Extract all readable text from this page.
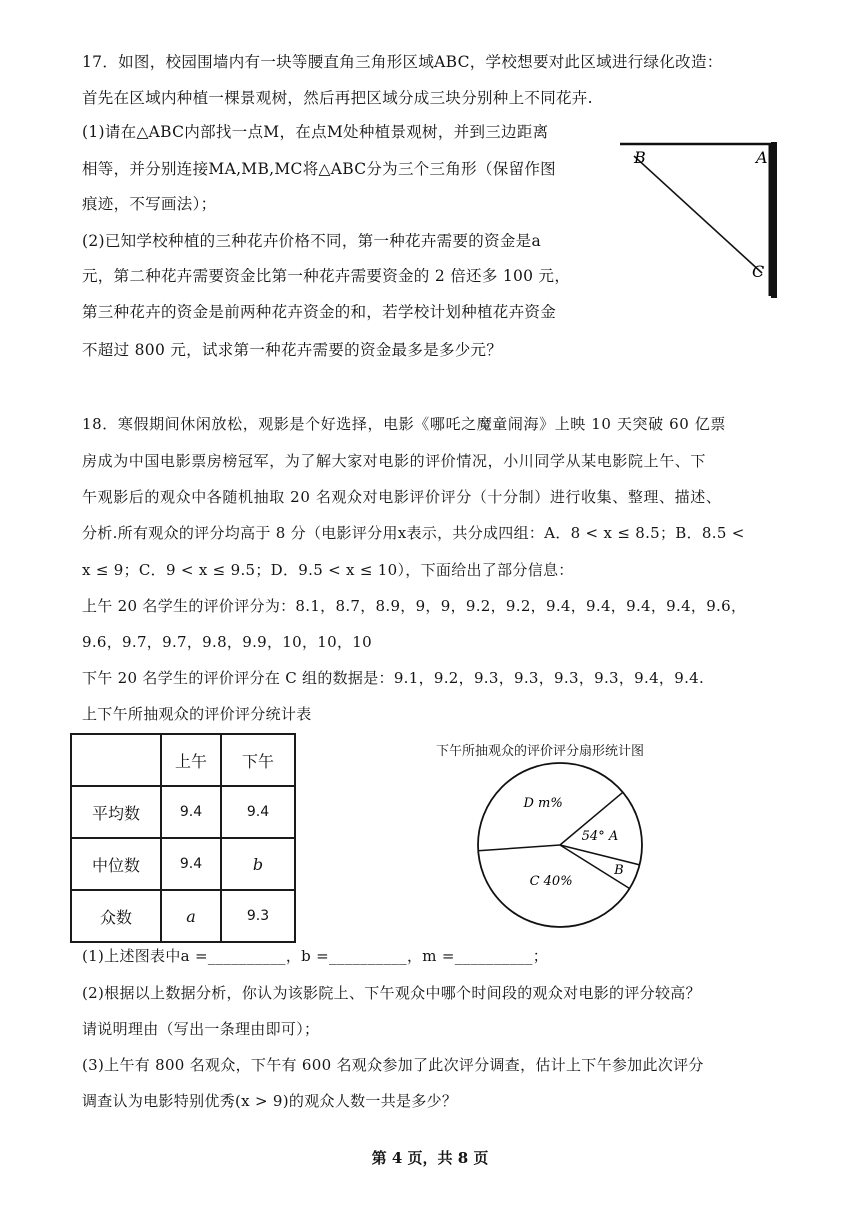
17．如图，校园围墙内有一块等腰直角三角形区域ABC，学校想要对此区域进行绿化改造：
首先在区域内种植一棵景观树，然后再把区域分成三块分别种上不同花卉.
(1)请在△ABC内部找一点M，在点M处种植景观树，并到三边距离
相等，并分别连接MA,MB,MC将△ABC分为三个三角形（保留作图
痕迹，不写画法）；
(2)已知学校种植的三种花卉价格不同，第一种花卉需要的资金是a
元，第二种花卉需要资金比第一种花卉需要资金的 2 倍还多 100 元，
第三种花卉的资金是前两种花卉资金的和，若学校计划种植花卉资金
不超过 800 元，试求第一种花卉需要的资金最多是多少元？
B	A
C
18．寒假期间休闲放松，观影是个好选择，电影《哪吒之魔童闹海》上映 10 天突破 60 亿票
房成为中国电影票房榜冠军，为了解大家对电影的评价情况，小川同学从某电影院上午、下
午观影后的观众中各随机抽取 20 名观众对电影评价评分（十分制）进行收集、整理、描述、
分析.所有观众的评分均高于 8 分（电影评分用x表示，共分成四组：A．8 < x ≤ 8.5；B．8.5 <
x ≤ 9；C．9 < x ≤ 9.5；D．9.5 < x ≤ 10），下面给出了部分信息：
上午 20 名学生的评价评分为：8.1，8.7，8.9，9，9，9.2，9.2，9.4，9.4，9.4，9.4，9.6，
9.6，9.7，9.7，9.8，9.9，10，10，10
下午 20 名学生的评价评分在 C 组的数据是：9.1，9.2，9.3，9.3，9.3，9.3，9.4，9.4.
上下午所抽观众的评价评分统计表
	上午	下午
平均数	9.4	9.4
中位数	9.4	b
众数	a	9.3
下午所抽观众的评价评分扇形统计图
54° A
B
C 40%
D m%
(1)上述图表中a =__________，b =__________，m =__________；
(2)根据以上数据分析，你认为该影院上、下午观众中哪个时间段的观众对电影的评分较高？
请说明理由（写出一条理由即可）；
(3)上午有 800 名观众，下午有 600 名观众参加了此次评分调查，估计上下午参加此次评分
调查认为电影特别优秀(x > 9)的观众人数一共是多少？
第 4 页，共 8 页
